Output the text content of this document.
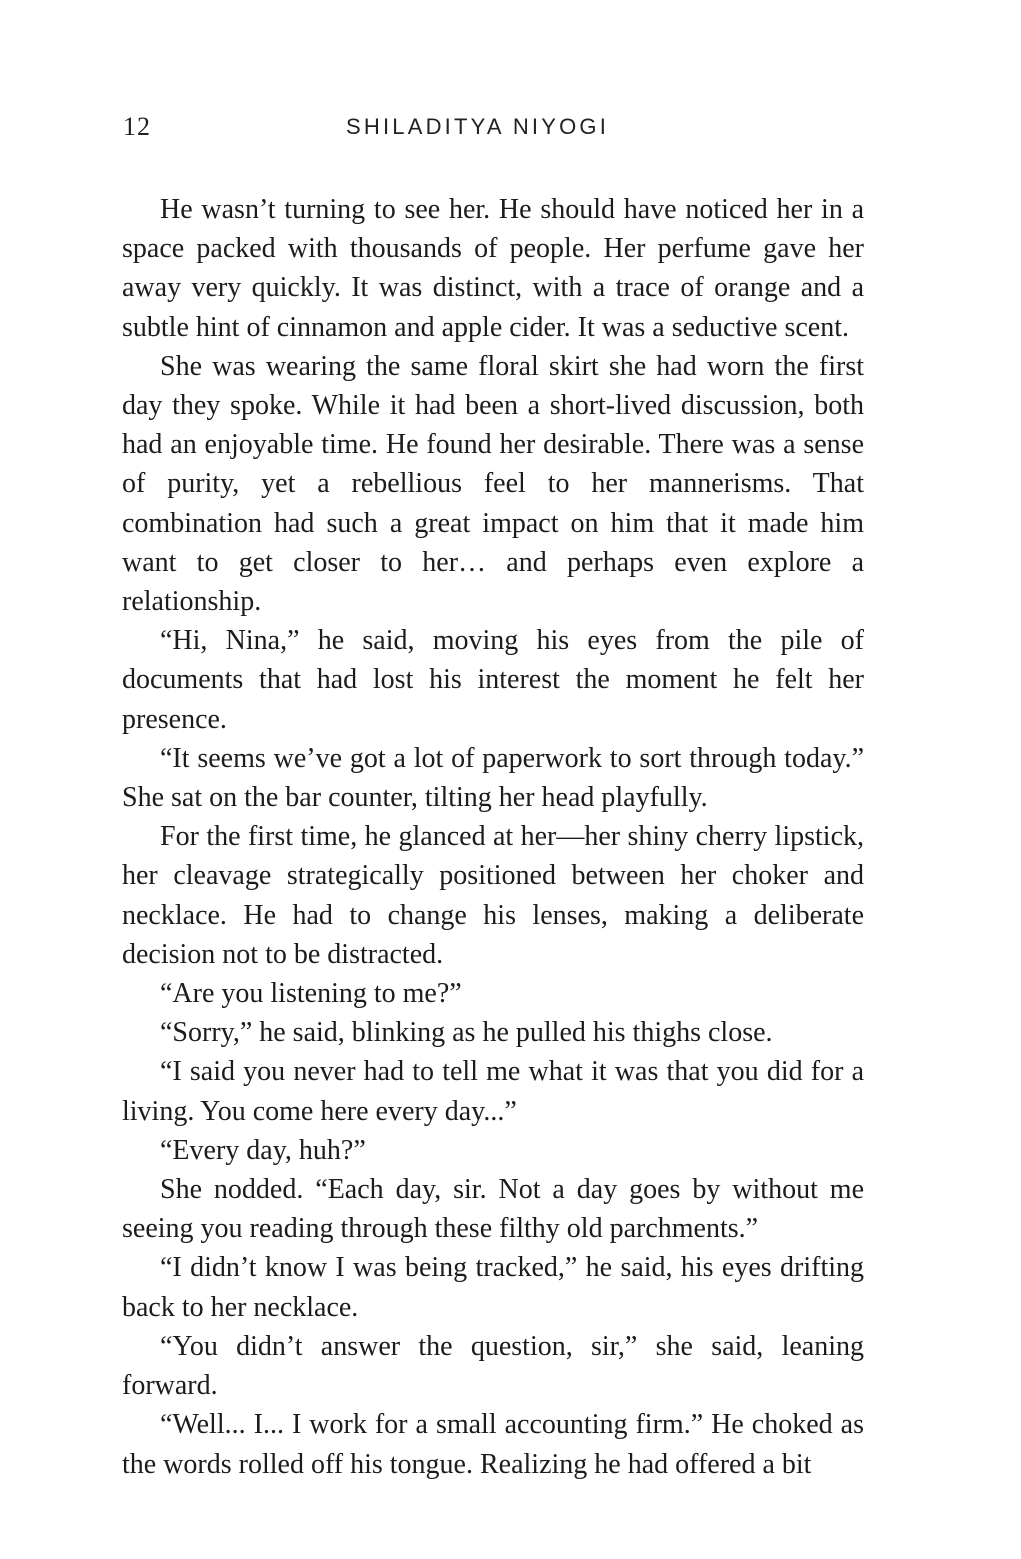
12	SHILADITYA NIYOGI

He wasn’t turning to see her. He should have noticed her in a space packed with thousands of people. Her perfume gave her away very quickly. It was distinct, with a trace of orange and a subtle hint of cinnamon and apple cider. It was a seductive scent.

She was wearing the same floral skirt she had worn the first day they spoke. While it had been a short-lived discussion, both had an enjoyable time. He found her desirable. There was a sense of purity, yet a rebellious feel to her mannerisms. That combination had such a great impact on him that it made him want to get closer to her… and perhaps even explore a relationship.

“Hi, Nina,” he said, moving his eyes from the pile of documents that had lost his interest the moment he felt her presence.

“It seems we’ve got a lot of paperwork to sort through today.” She sat on the bar counter, tilting her head playfully.

For the first time, he glanced at her—her shiny cherry lipstick, her cleavage strategically positioned between her choker and necklace. He had to change his lenses, making a deliberate decision not to be distracted.

“Are you listening to me?”

“Sorry,” he said, blinking as he pulled his thighs close.

“I said you never had to tell me what it was that you did for a living. You come here every day...”

“Every day, huh?”

She nodded. “Each day, sir. Not a day goes by without me seeing you reading through these filthy old parchments.”

“I didn’t know I was being tracked,” he said, his eyes drifting back to her necklace.

“You didn’t answer the question, sir,” she said, leaning forward.

“Well... I... I work for a small accounting firm.” He choked as the words rolled off his tongue. Realizing he had offered a bit
